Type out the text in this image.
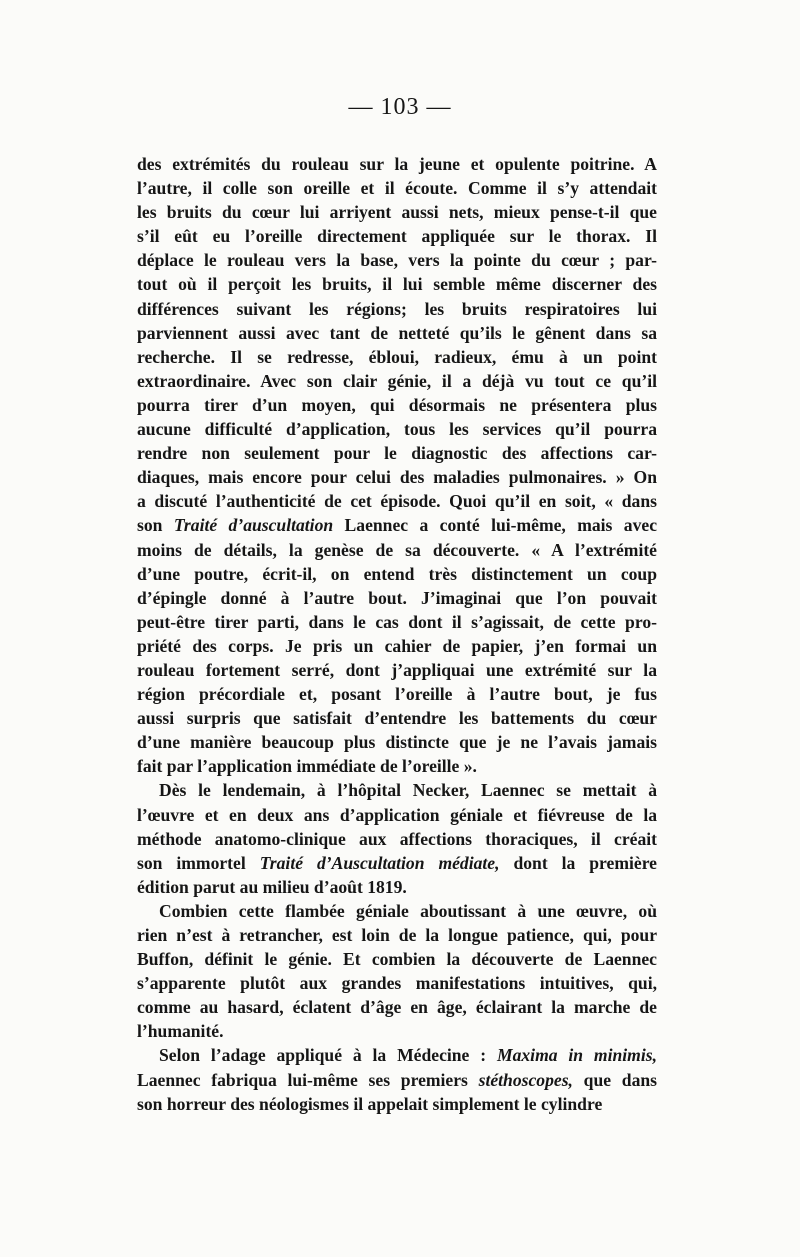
— 103 —
des extrémités du rouleau sur la jeune et opulente poitrine. A
l’autre, il colle son oreille et il écoute. Comme il s’y attendait
les bruits du cœur lui arriyent aussi nets, mieux pense-t-il que
s’il eût eu l’oreille directement appliquée sur le thorax. Il
déplace le rouleau vers la base, vers la pointe du cœur ; par-
tout où il perçoit les bruits, il lui semble même discerner des
différences suivant les régions; les bruits respiratoires lui
parviennent aussi avec tant de netteté qu’ils le gênent dans sa
recherche. Il se redresse, ébloui, radieux, ému à un point
extraordinaire. Avec son clair génie, il a déjà vu tout ce qu’il
pourra tirer d’un moyen, qui désormais ne présentera plus
aucune difficulté d’application, tous les services qu’il pourra
rendre non seulement pour le diagnostic des affections car-
diaques, mais encore pour celui des maladies pulmonaires. » On
a discuté l’authenticité de cet épisode. Quoi qu’il en soit, « dans
son Traité d’auscultation Laennec a conté lui-même, mais avec
moins de détails, la genèse de sa découverte. « A l’extrémité
d’une poutre, écrit-il, on entend très distinctement un coup
d’épingle donné à l’autre bout. J’imaginai que l’on pouvait
peut-être tirer parti, dans le cas dont il s’agissait, de cette pro-
priété des corps. Je pris un cahier de papier, j’en formai un
rouleau fortement serré, dont j’appliquai une extrémité sur la
région précordiale et, posant l’oreille à l’autre bout, je fus
aussi surpris que satisfait d’entendre les battements du cœur
d’une manière beaucoup plus distincte que je ne l’avais jamais
fait par l’application immédiate de l’oreille ».
Dès le lendemain, à l’hôpital Necker, Laennec se mettait à
l’œuvre et en deux ans d’application géniale et fiévreuse de la
méthode anatomo-clinique aux affections thoraciques, il créait
son immortel Traité d’Auscultation médiate, dont la première
édition parut au milieu d’août 1819.
Combien cette flambée géniale aboutissant à une œuvre, où
rien n’est à retrancher, est loin de la longue patience, qui, pour
Buffon, définit le génie. Et combien la découverte de Laennec
s’apparente plutôt aux grandes manifestations intuitives, qui,
comme au hasard, éclatent d’âge en âge, éclairant la marche de
l’humanité.
Selon l’adage appliqué à la Médecine : Maxima in minimis,
Laennec fabriqua lui-même ses premiers stéthoscopes, que dans
son horreur des néologismes il appelait simplement le cylindre
